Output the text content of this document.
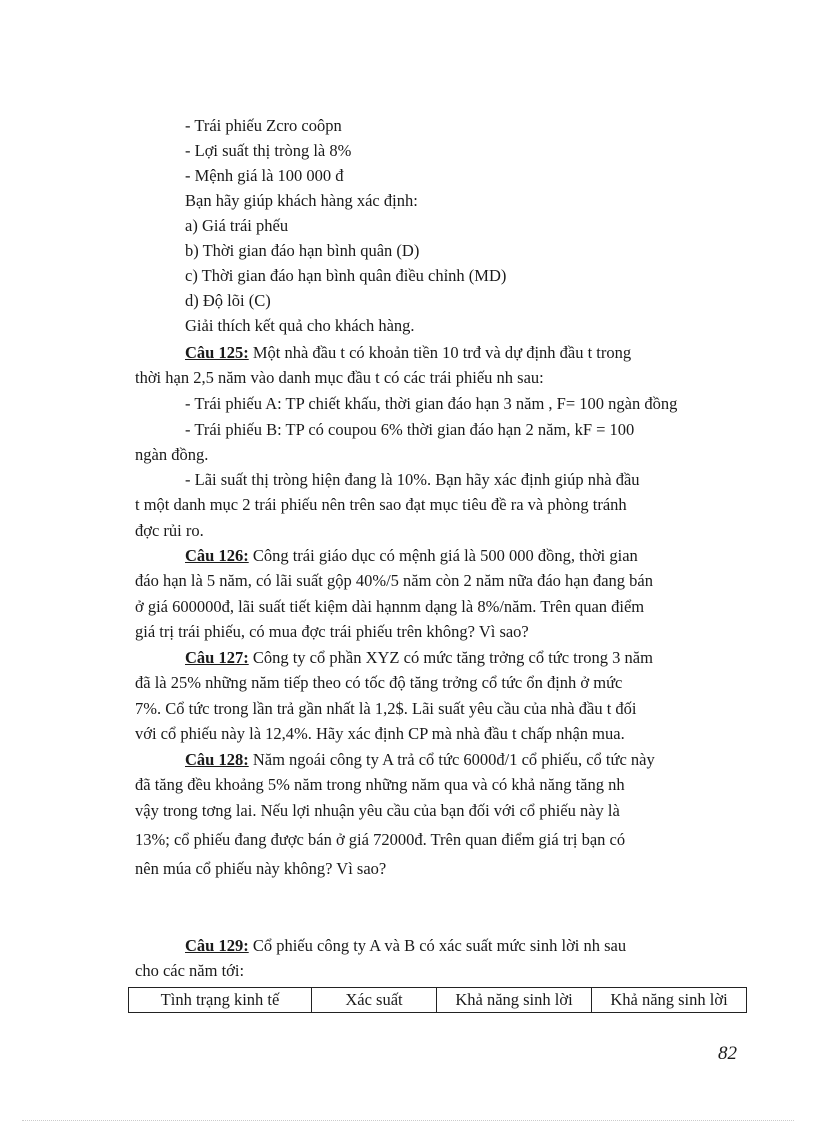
- Trái phiếu Zcro coôpn
- Lợi suất thị tròng là 8%
- Mệnh giá là 100 000 đ
Bạn hãy giúp khách hàng xác định:
a) Giá trái phếu
b) Thời gian đáo hạn bình quân (D)
c) Thời gian đáo hạn bình quân điều chỉnh (MD)
d) Độ lõi (C)
Giải thích kết quả cho khách hàng.
Câu 125: Một nhà đầu t có khoản tiền 10 trđ và dự định đầu t trong
thời hạn 2,5 năm vào danh mục đầu t có các trái phiếu nh sau:
- Trái phiếu A: TP chiết khấu, thời gian đáo hạn 3 năm , F= 100 ngàn đồng
- Trái phiếu B: TP có coupou 6% thời gian đáo hạn 2 năm, kF = 100
ngàn đồng.
- Lãi suất thị tròng hiện đang là 10%. Bạn hãy xác định giúp nhà đầu
t một danh mục 2 trái phiếu nên trên sao đạt mục tiêu đề ra và phòng tránh
đợc rủi ro.
Câu 126: Công trái giáo dục có mệnh giá là 500 000 đồng, thời gian
đáo hạn là 5 năm, có lãi suất gộp 40%/5 năm còn 2 năm nữa đáo hạn đang bán
ở giá 600000đ, lãi suất tiết kiệm dài hạnnm dạng là 8%/năm. Trên quan điểm
giá trị trái phiếu, có mua đợc trái phiếu trên không? Vì sao?
Câu 127: Công ty cổ phần XYZ có mức tăng trởng cổ tức trong 3 năm
đã là 25% những năm tiếp theo có tốc độ tăng trởng cổ tức ổn định ở mức
7%. Cổ tức trong lần trả gần nhất là 1,2$. Lãi suất yêu cầu của nhà đầu t đối
với cổ phiếu này là 12,4%. Hãy xác định CP mà nhà đầu t chấp nhận mua.
Câu 128: Năm ngoái công ty A trả cổ tức 6000đ/1 cổ phiếu, cổ tức này
đã tăng đều khoảng 5% năm trong những năm qua và có khả năng tăng nh
vậy trong tơng lai. Nếu lợi nhuận yêu cầu của bạn đối với cổ phiếu này là
13%; cổ phiếu đang được bán ở giá 72000đ. Trên quan điểm giá trị bạn có
nên múa cổ phiếu này không? Vì sao?
Câu 129: Cổ phiếu công ty A và B có xác suất mức sinh lời nh sau
cho các năm tới:
Tình trạng kinh tế	Xác suất	Khả năng sinh lời	Khả năng sinh lời
82
